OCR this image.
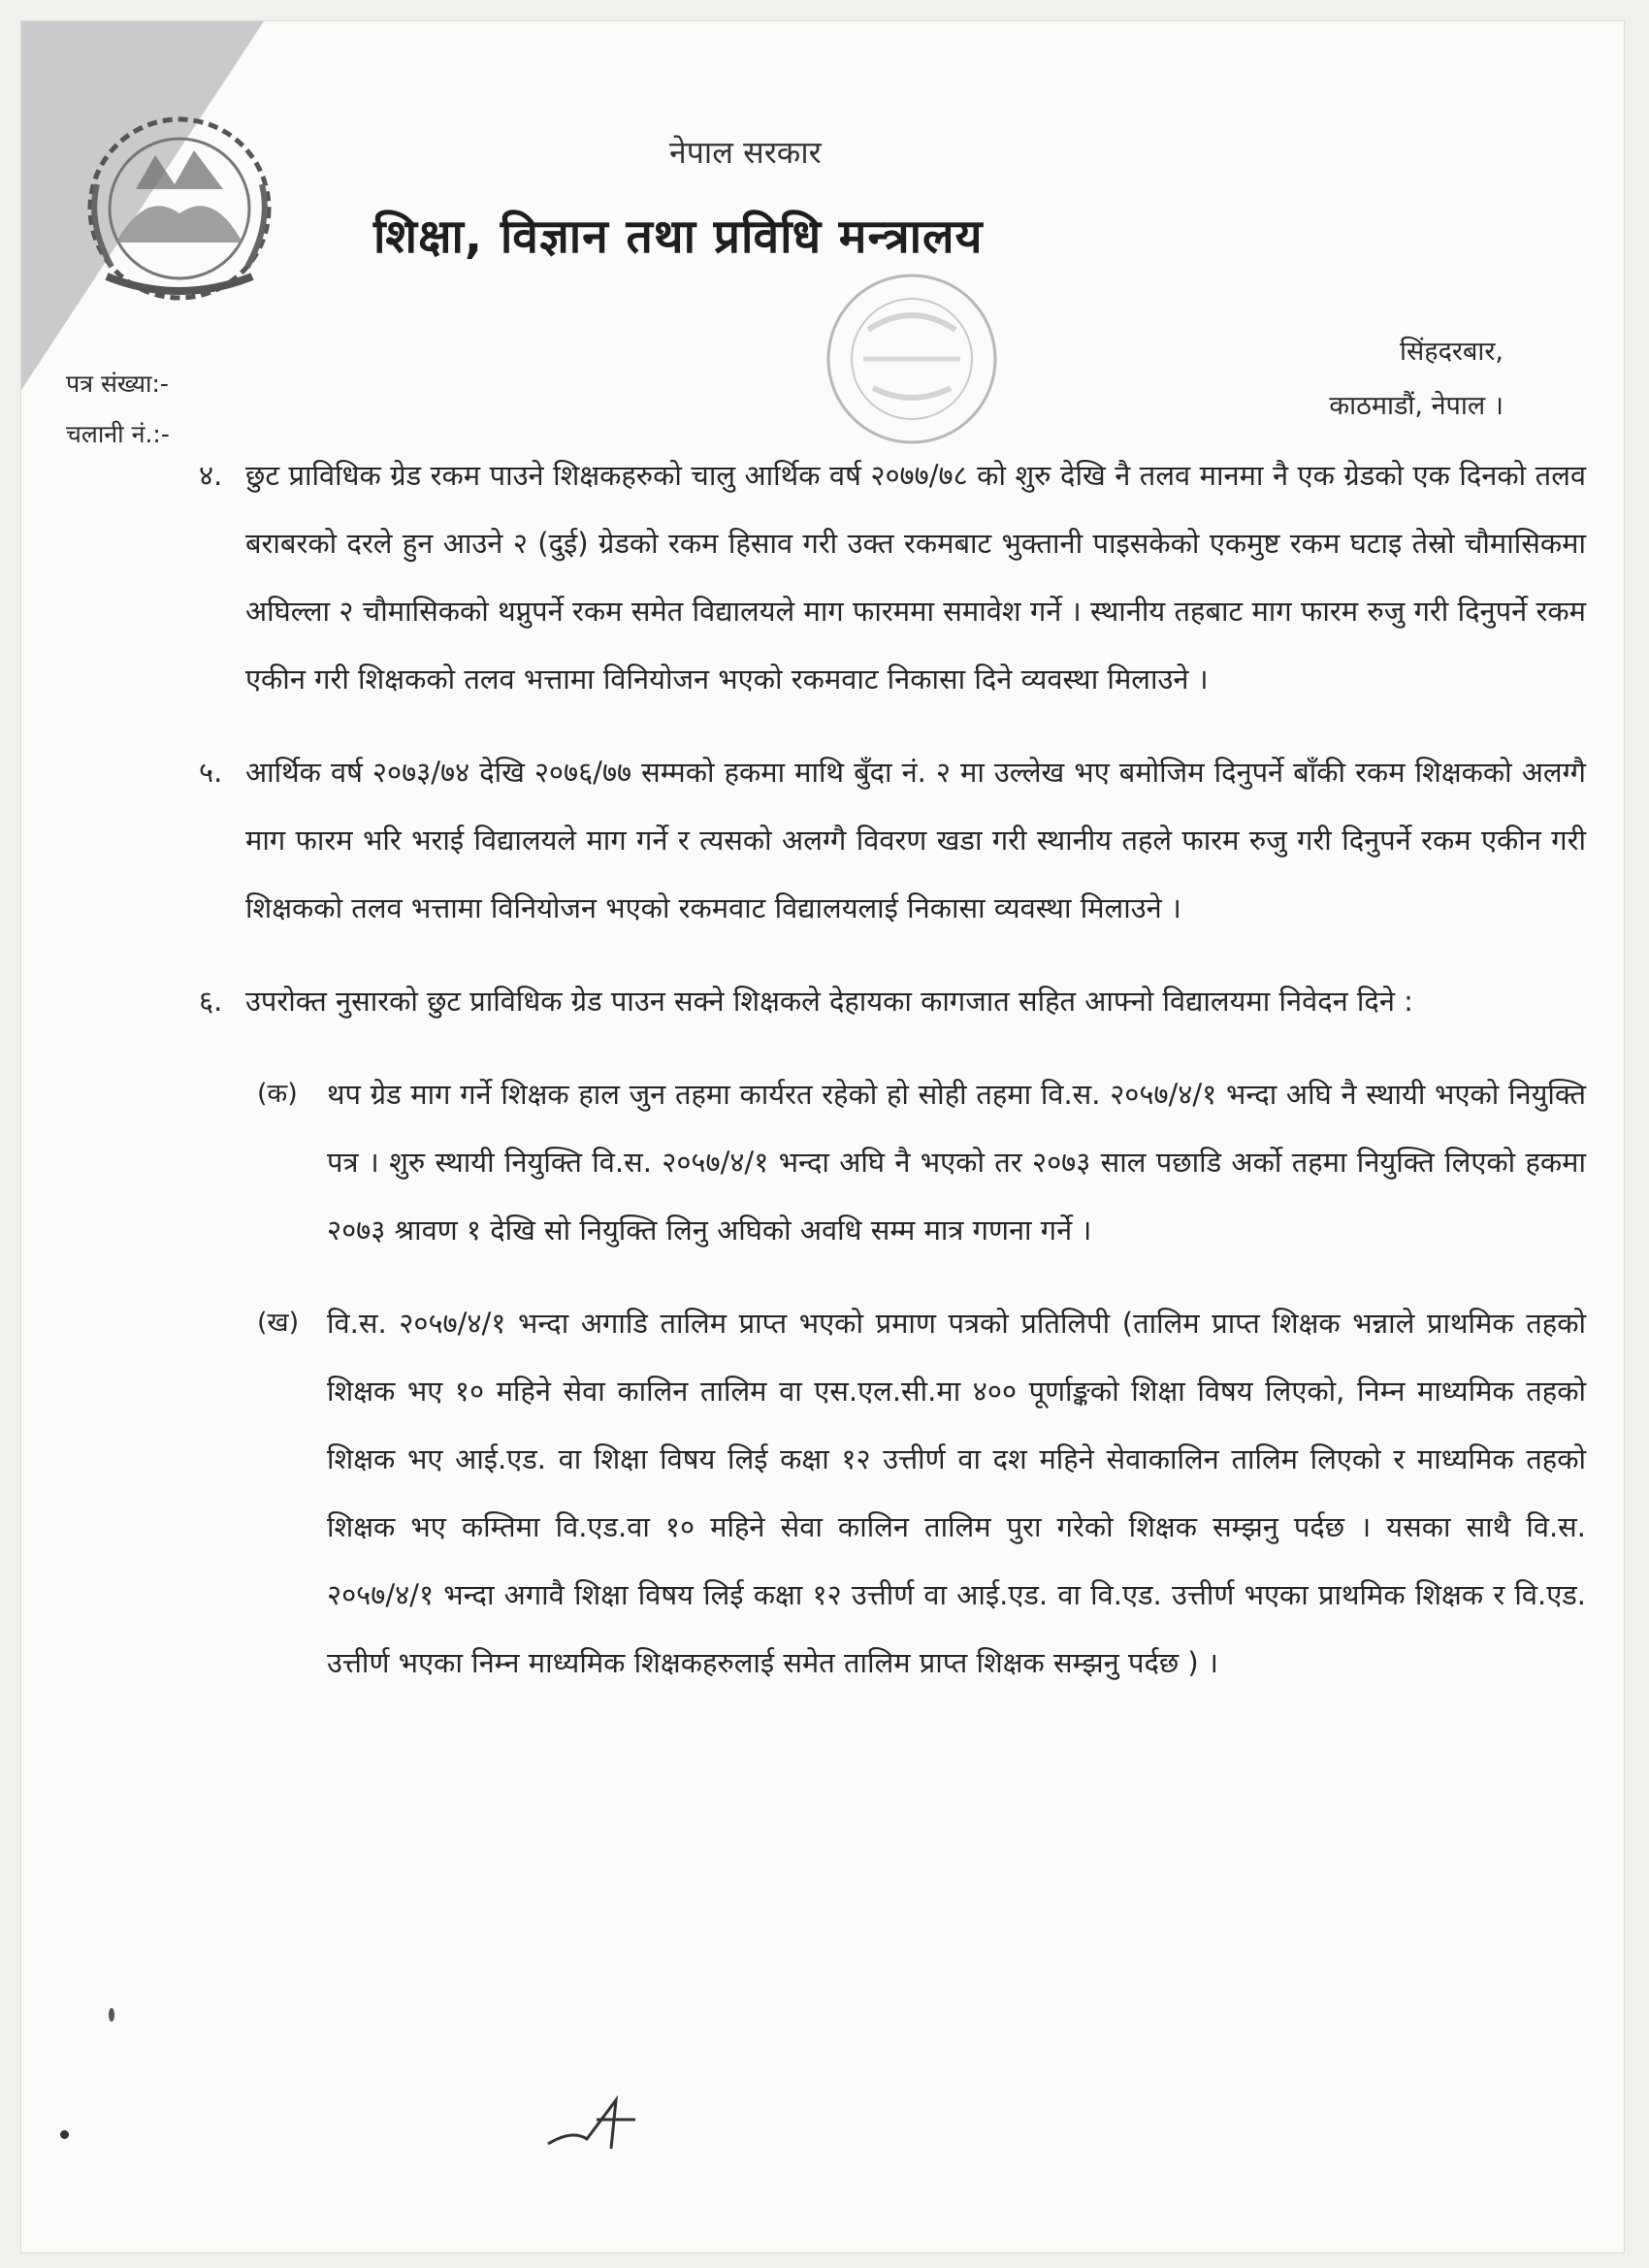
नेपाल सरकार
शिक्षा, विज्ञान तथा प्रविधि मन्त्रालय
सिंहदरबार,
काठमाडौं, नेपाल ।
पत्र संख्या:-
चलानी नं.:-
४. छुट प्राविधिक ग्रेड रकम पाउने शिक्षकहरुको चालु आर्थिक वर्ष २०७७/७८ को शुरु देखि नै तलव मानमा नै एक ग्रेडको एक दिनको तलव बराबरको दरले हुन आउने २ (दुई) ग्रेडको रकम हिसाव गरी उक्त रकमबाट भुक्तानी पाइसकेको एकमुष्ट रकम घटाइ तेस्रो चौमासिकमा अघिल्ला २ चौमासिकको थप्नुपर्ने रकम समेत विद्यालयले माग फारममा समावेश गर्ने । स्थानीय तहबाट माग फारम रुजु गरी दिनुपर्ने रकम एकीन गरी शिक्षकको तलव भत्तामा विनियोजन भएको रकमवाट निकासा दिने व्यवस्था मिलाउने ।
५. आर्थिक वर्ष २०७३/७४ देखि २०७६/७७ सम्मको हकमा माथि बुँदा नं. २ मा उल्लेख भए बमोजिम दिनुपर्ने बाँकी रकम शिक्षकको अलग्गै माग फारम भरि भराई विद्यालयले माग गर्ने र त्यसको अलग्गै विवरण खडा गरी स्थानीय तहले फारम रुजु गरी दिनुपर्ने रकम एकीन गरी शिक्षकको तलव भत्तामा विनियोजन भएको रकमवाट विद्यालयलाई निकासा व्यवस्था मिलाउने ।
६. उपरोक्त नुसारको छुट प्राविधिक ग्रेड पाउन सक्ने शिक्षकले देहायका कागजात सहित आफ्नो विद्यालयमा निवेदन दिने :
(क)	थप ग्रेड माग गर्ने शिक्षक हाल जुन तहमा कार्यरत रहेको हो सोही तहमा वि.स. २०५७/४/१ भन्दा अघि नै स्थायी भएको नियुक्ति पत्र । शुरु स्थायी नियुक्ति वि.स. २०५७/४/१ भन्दा अघि नै भएको तर २०७३ साल पछाडि अर्को तहमा नियुक्ति लिएको हकमा २०७३ श्रावण १ देखि सो नियुक्ति लिनु अघिको अवधि सम्म मात्र गणना गर्ने ।
(ख) वि.स. २०५७/४/१ भन्दा अगाडि तालिम प्राप्त भएको प्रमाण पत्रको प्रतिलिपी (तालिम प्राप्त शिक्षक भन्नाले प्राथमिक तहको शिक्षक भए १० महिने सेवा कालिन तालिम वा एस.एल.सी.मा ४०० पूर्णाङ्कको शिक्षा विषय लिएको, निम्न माध्यमिक तहको शिक्षक भए आई.एड. वा शिक्षा विषय लिई कक्षा १२ उत्तीर्ण वा दश महिने सेवाकालिन तालिम लिएको र माध्यमिक तहको शिक्षक भए कम्तिमा वि.एड.वा १० महिने सेवा कालिन तालिम पुरा गरेको शिक्षक सम्झनु पर्दछ । यसका साथै वि.स. २०५७/४/१ भन्दा अगावै शिक्षा विषय लिई कक्षा १२ उत्तीर्ण वा आई.एड. वा वि.एड. उत्तीर्ण भएका प्राथमिक शिक्षक र वि.एड. उत्तीर्ण भएका निम्न माध्यमिक शिक्षकहरुलाई समेत तालिम प्राप्त शिक्षक सम्झनु पर्दछ ) ।
